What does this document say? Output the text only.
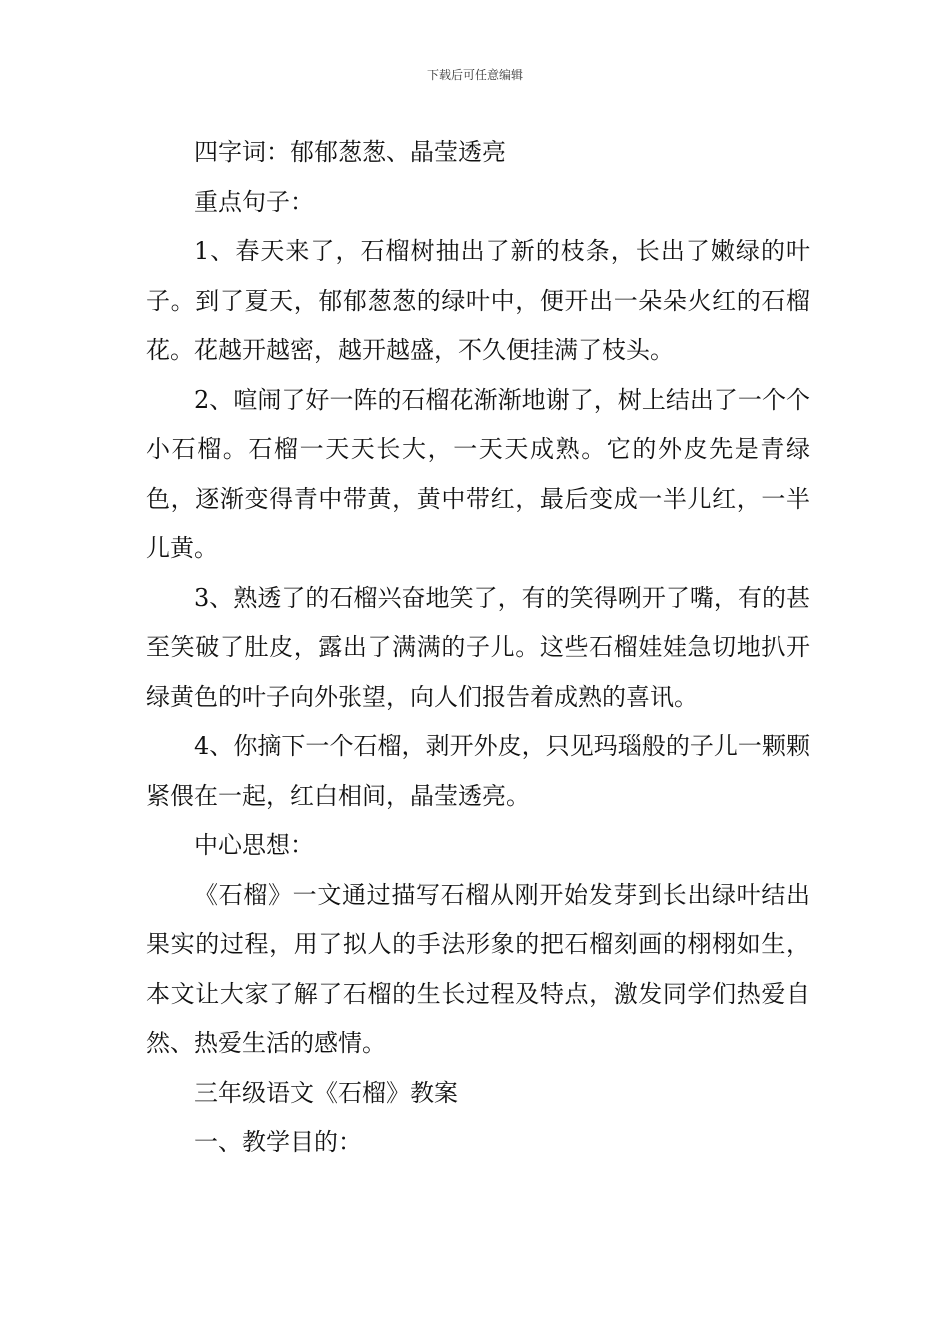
下载后可任意编辑

四字词：郁郁葱葱、晶莹透亮

重点句子：

1、春天来了，石榴树抽出了新的枝条，长出了嫩绿的叶子。到了夏天，郁郁葱葱的绿叶中，便开出一朵朵火红的石榴花。花越开越密，越开越盛，不久便挂满了枝头。

2、喧闹了好一阵的石榴花渐渐地谢了，树上结出了一个个小石榴。石榴一天天长大，一天天成熟。它的外皮先是青绿色，逐渐变得青中带黄，黄中带红，最后变成一半儿红，一半儿黄。

3、熟透了的石榴兴奋地笑了，有的笑得咧开了嘴，有的甚至笑破了肚皮，露出了满满的子儿。这些石榴娃娃急切地扒开绿黄色的叶子向外张望，向人们报告着成熟的喜讯。

4、你摘下一个石榴，剥开外皮，只见玛瑙般的子儿一颗颗紧偎在一起，红白相间，晶莹透亮。

中心思想：

《石榴》一文通过描写石榴从刚开始发芽到长出绿叶结出果实的过程，用了拟人的手法形象的把石榴刻画的栩栩如生，本文让大家了解了石榴的生长过程及特点，激发同学们热爱自然、热爱生活的感情。

三年级语文《石榴》教案

一、教学目的：
